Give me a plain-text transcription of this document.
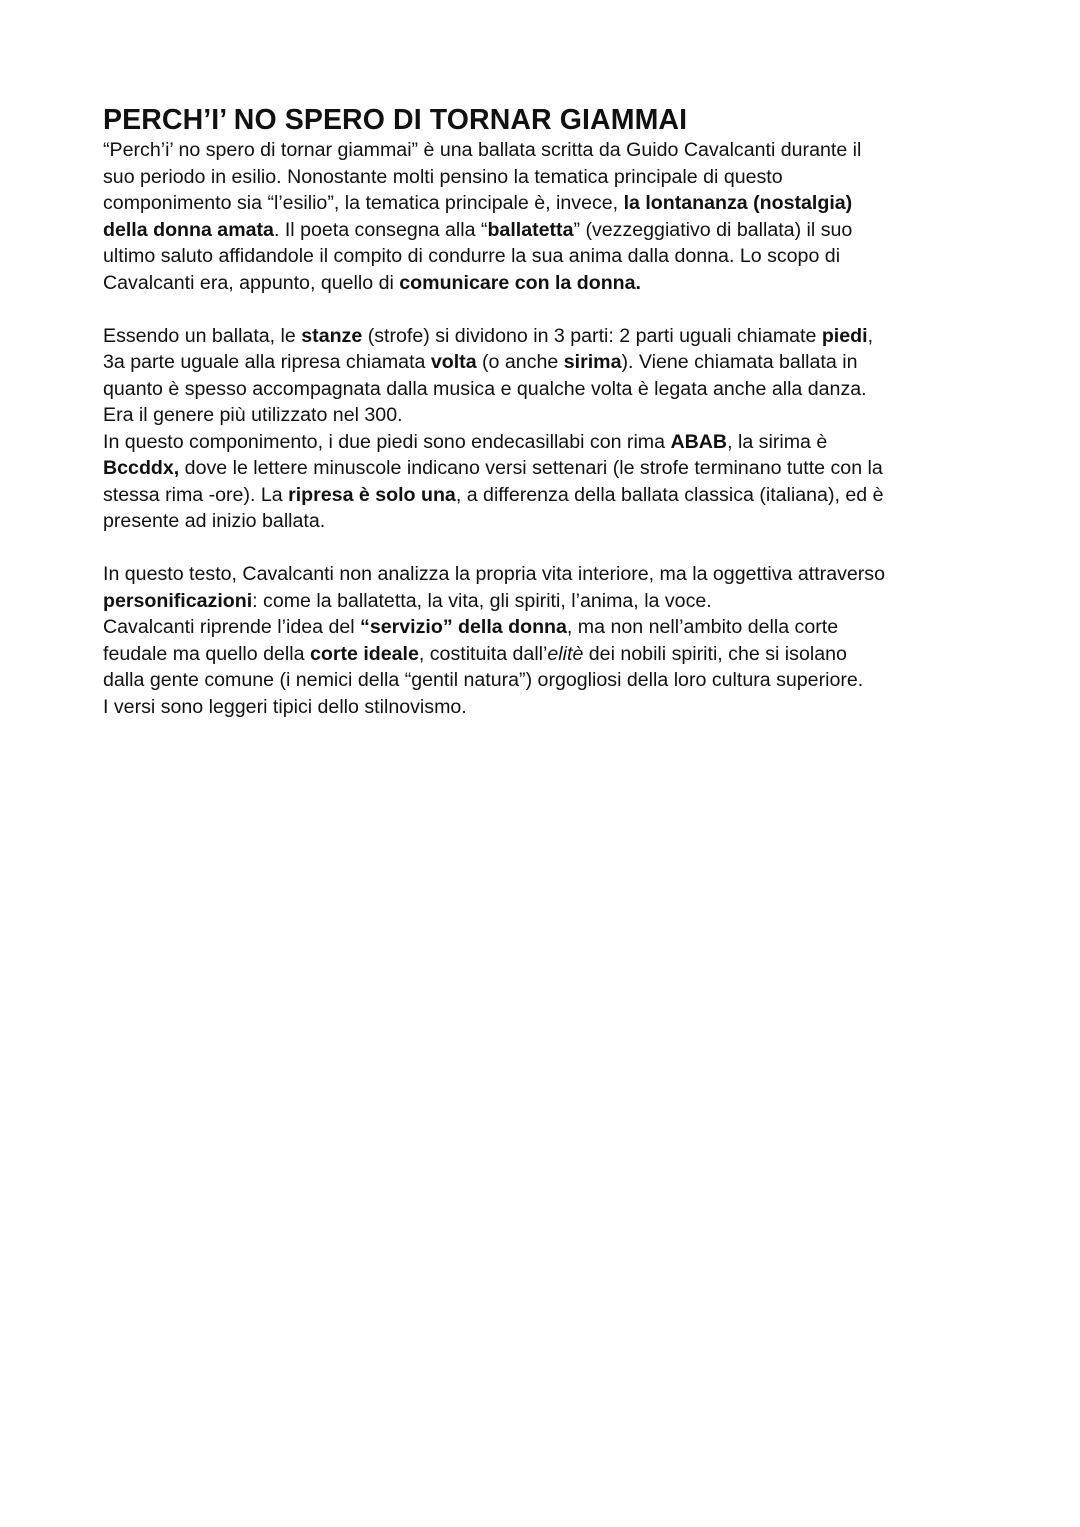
PERCH’I’ NO SPERO DI TORNAR GIAMMAI
“Perch’i’ no spero di tornar giammai” è una ballata scritta da Guido Cavalcanti durante il
suo periodo in esilio. Nonostante molti pensino la tematica principale di questo
componimento sia “l’esilio”, la tematica principale è, invece, la lontananza (nostalgia)
della donna amata. Il poeta consegna alla “ballatetta” (vezzeggiativo di ballata) il suo
ultimo saluto affidandole il compito di condurre la sua anima dalla donna. Lo scopo di
Cavalcanti era, appunto, quello di comunicare con la donna.
Essendo un ballata, le stanze (strofe) si dividono in 3 parti: 2 parti uguali chiamate piedi,
3a parte uguale alla ripresa chiamata volta (o anche sirima). Viene chiamata ballata in
quanto è spesso accompagnata dalla musica e qualche volta è legata anche alla danza.
Era il genere più utilizzato nel 300.
In questo componimento, i due piedi sono endecasillabi con rima ABAB, la sirima è
Bccddx, dove le lettere minuscole indicano versi settenari (le strofe terminano tutte con la
stessa rima -ore). La ripresa è solo una, a differenza della ballata classica (italiana), ed è
presente ad inizio ballata.
In questo testo, Cavalcanti non analizza la propria vita interiore, ma la oggettiva attraverso
personificazioni: come la ballatetta, la vita, gli spiriti, l’anima, la voce.
Cavalcanti riprende l’idea del “servizio” della donna, ma non nell’ambito della corte
feudale ma quello della corte ideale, costituita dall’elitè dei nobili spiriti, che si isolano
dalla gente comune (i nemici della “gentil natura”) orgogliosi della loro cultura superiore.
I versi sono leggeri tipici dello stilnovismo.
